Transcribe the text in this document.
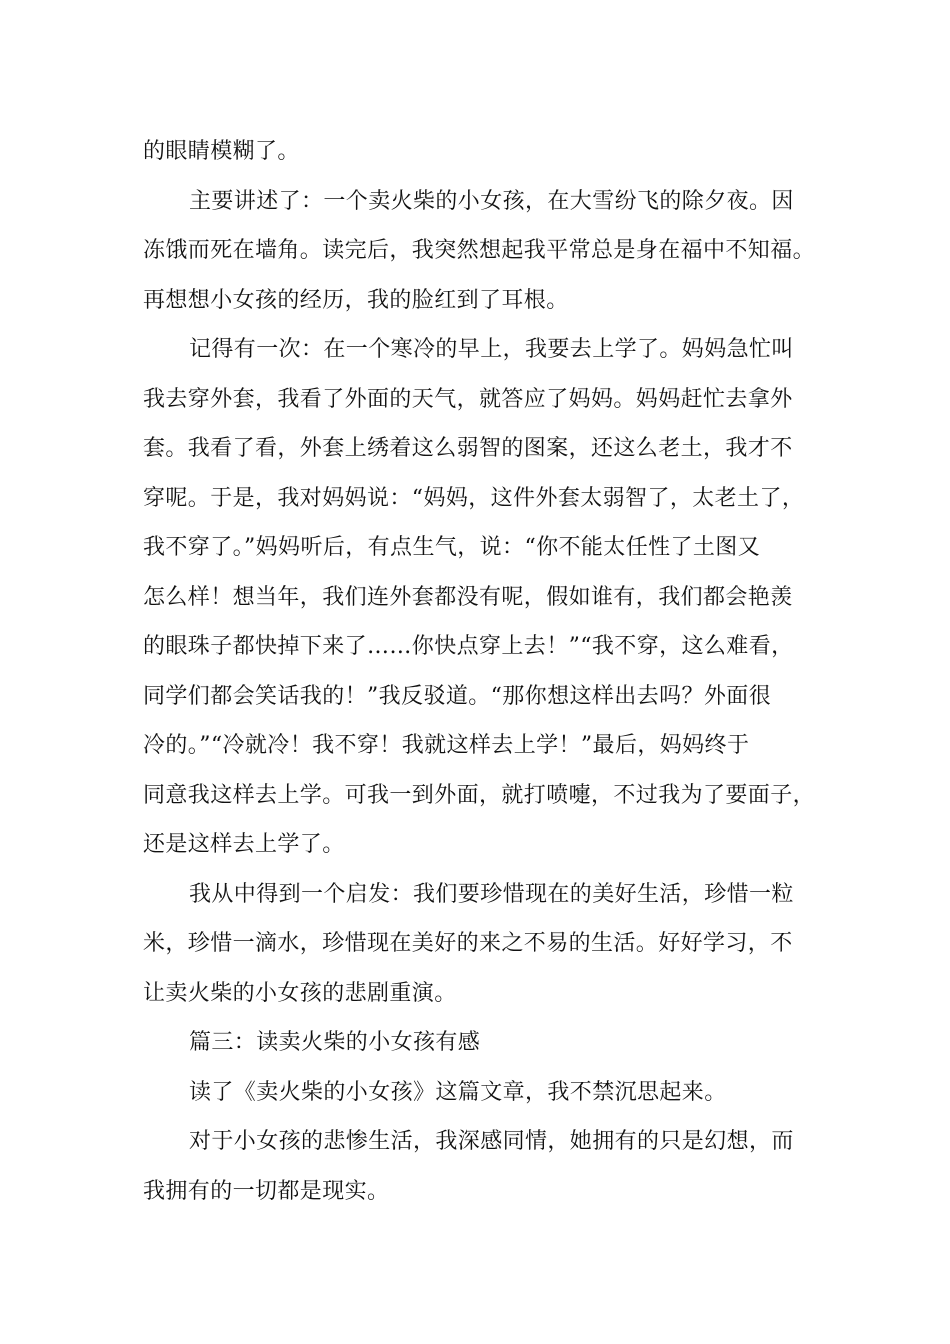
的眼睛模糊了。
主要讲述了：一个卖火柴的小女孩，在大雪纷飞的除夕夜。因
冻饿而死在墙角。读完后，我突然想起我平常总是身在福中不知福。
再想想小女孩的经历，我的脸红到了耳根。
记得有一次：在一个寒冷的早上，我要去上学了。妈妈急忙叫
我去穿外套，我看了外面的天气，就答应了妈妈。妈妈赶忙去拿外
套。我看了看，外套上绣着这么弱智的图案，还这么老土，我才不
穿呢。于是，我对妈妈说：“妈妈，这件外套太弱智了，太老土了，
我不穿了。”妈妈听后，有点生气，说：“你不能太任性了土图又
怎么样！想当年，我们连外套都没有呢，假如谁有，我们都会艳羡
的眼珠子都快掉下来了……你快点穿上去！”“我不穿，这么难看，
同学们都会笑话我的！”我反驳道。“那你想这样出去吗？外面很
冷的。”“冷就冷！我不穿！我就这样去上学！”最后，妈妈终于
同意我这样去上学。可我一到外面，就打喷嚏，不过我为了要面子，
还是这样去上学了。
我从中得到一个启发：我们要珍惜现在的美好生活，珍惜一粒
米，珍惜一滴水，珍惜现在美好的来之不易的生活。好好学习，不
让卖火柴的小女孩的悲剧重演。
篇三：读卖火柴的小女孩有感
读了《卖火柴的小女孩》这篇文章，我不禁沉思起来。
对于小女孩的悲惨生活，我深感同情，她拥有的只是幻想，而
我拥有的一切都是现实。
